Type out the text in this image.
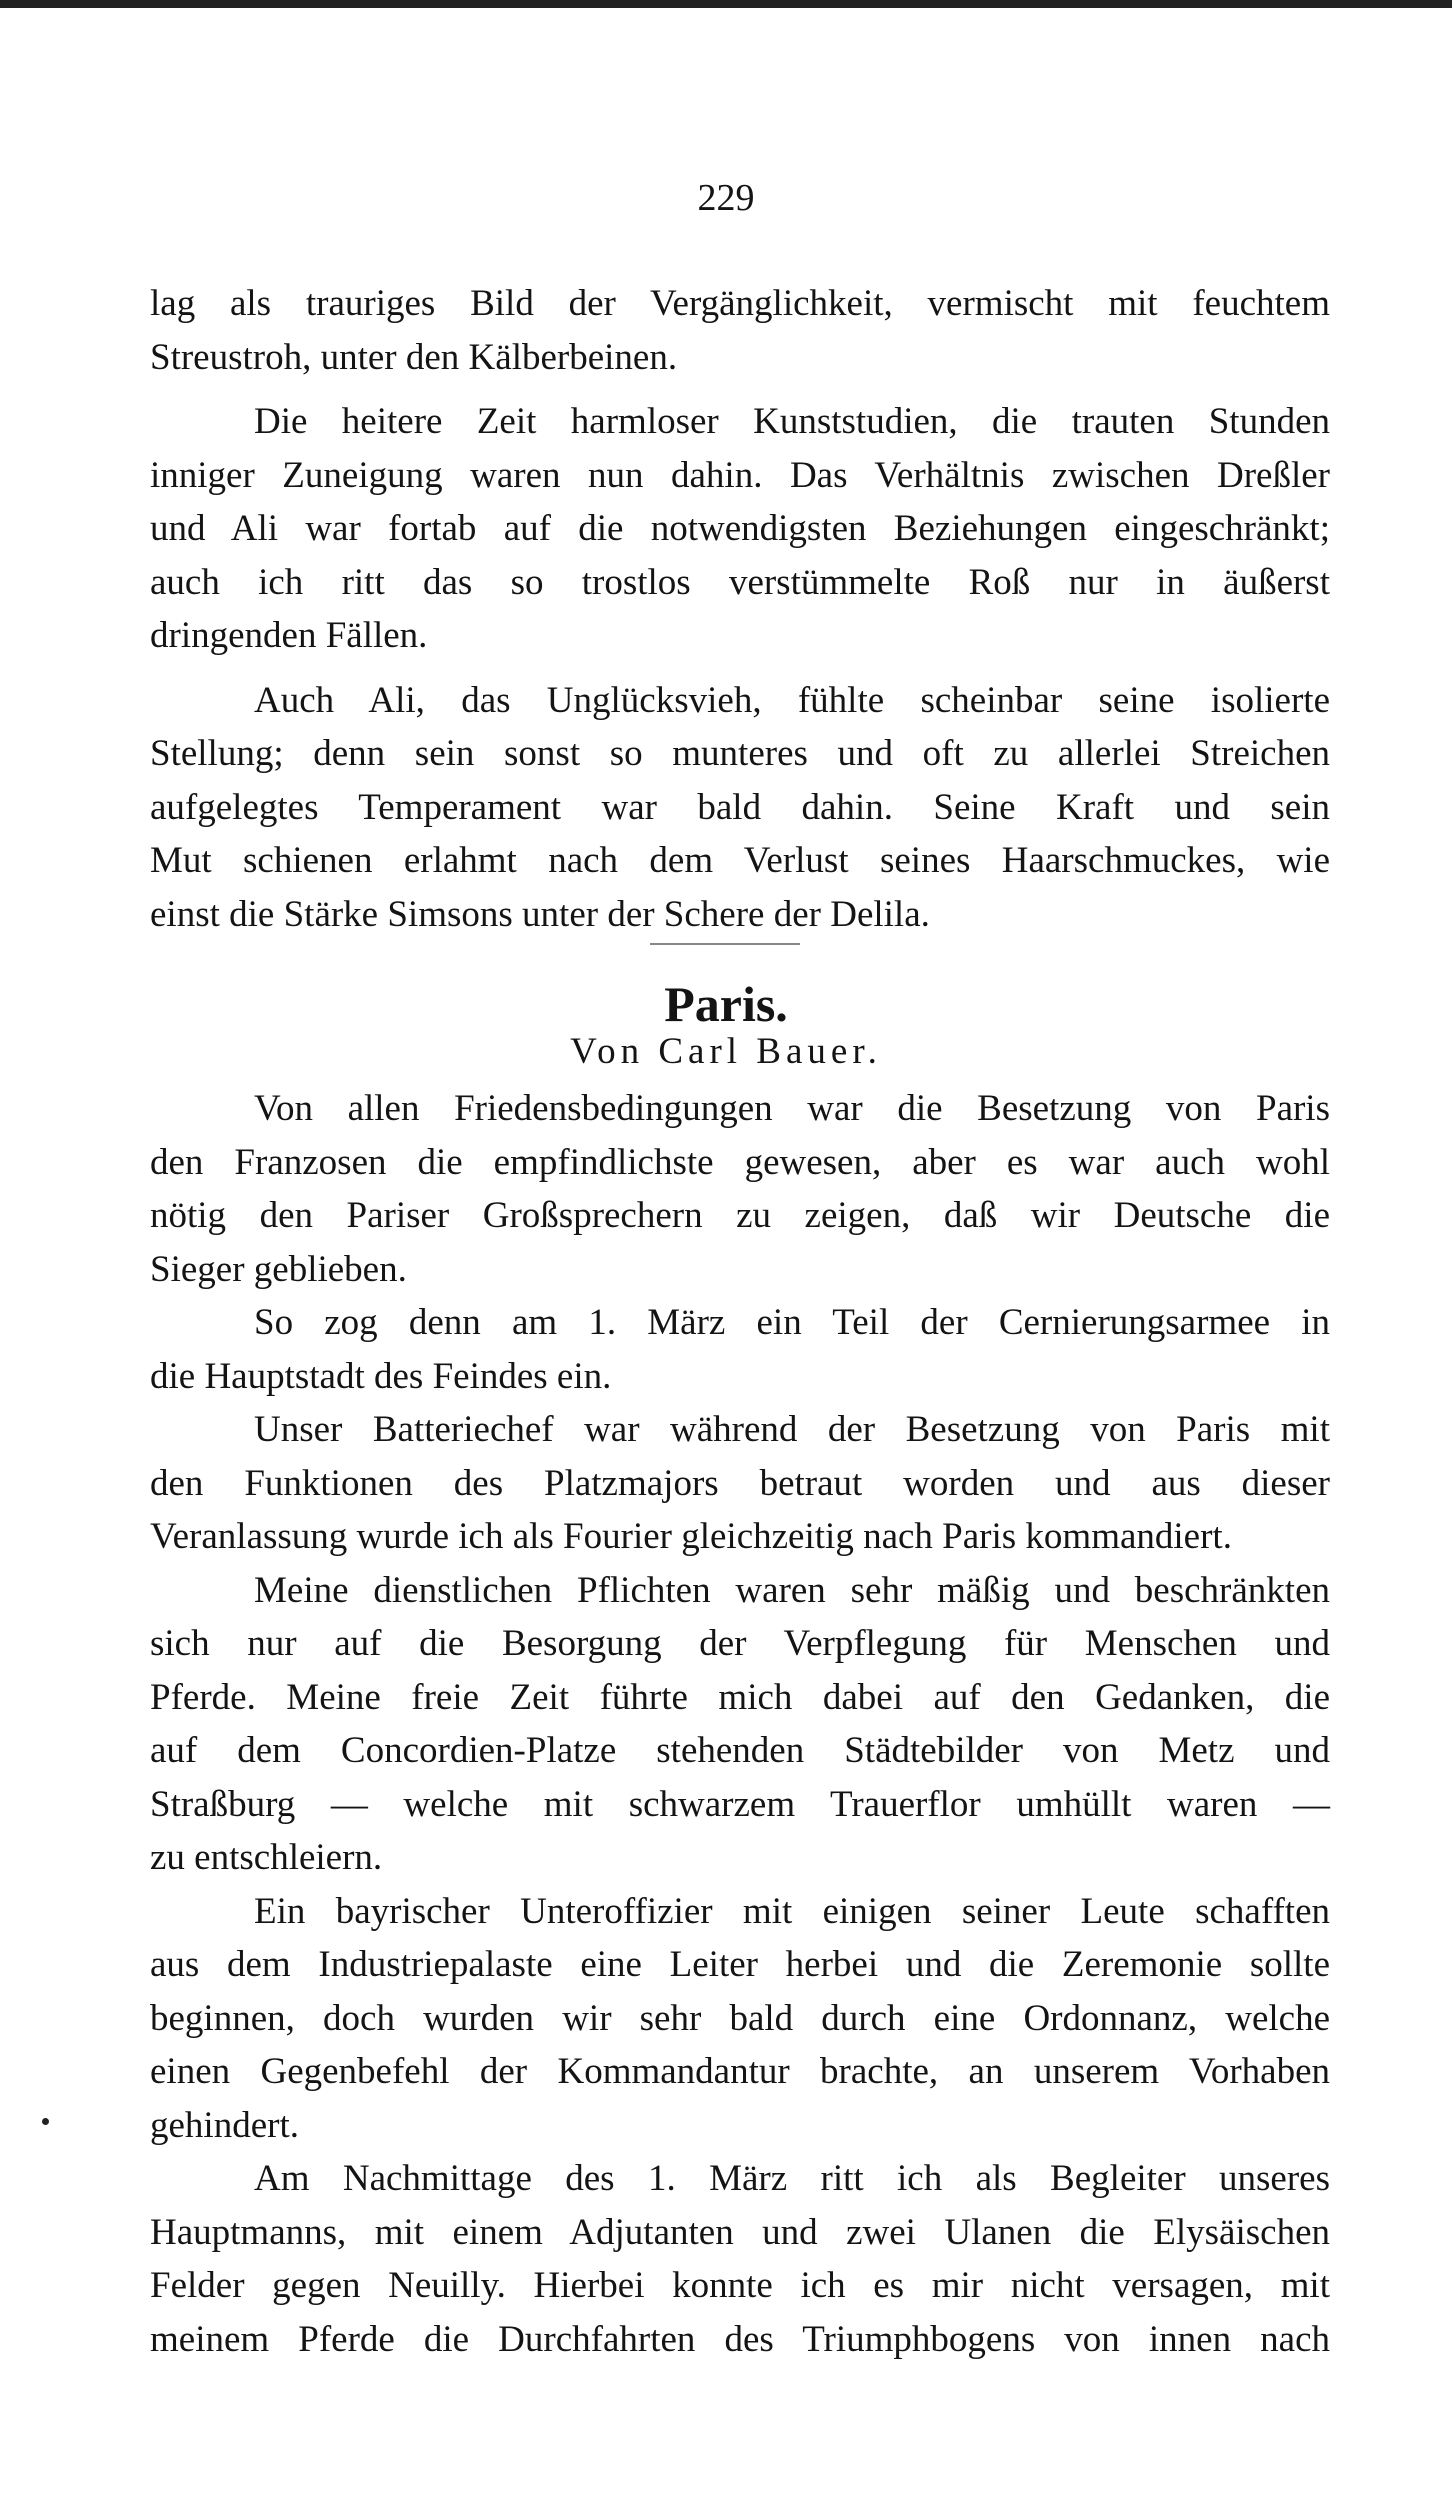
229
lag als trauriges Bild der Vergänglichkeit, vermischt mit feuchtem
Streustroh, unter den Kälberbeinen.
Die heitere Zeit harmloser Kunststudien, die trauten Stunden
inniger Zuneigung waren nun dahin. Das Verhältnis zwischen Dreßler
und Ali war fortab auf die notwendigsten Beziehungen eingeschränkt;
auch ich ritt das so trostlos verstümmelte Roß nur in äußerst
dringenden Fällen.
Auch Ali, das Unglücksvieh, fühlte scheinbar seine isolierte
Stellung; denn sein sonst so munteres und oft zu allerlei Streichen
aufgelegtes Temperament war bald dahin. Seine Kraft und sein
Mut schienen erlahmt nach dem Verlust seines Haarschmuckes, wie
einst die Stärke Simsons unter der Schere der Delila.
Paris.
Von Carl Bauer.
Von allen Friedensbedingungen war die Besetzung von Paris
den Franzosen die empfindlichste gewesen, aber es war auch wohl
nötig den Pariser Großsprechern zu zeigen, daß wir Deutsche die
Sieger geblieben.
So zog denn am 1. März ein Teil der Cernierungsarmee in
die Hauptstadt des Feindes ein.
Unser Batteriechef war während der Besetzung von Paris mit
den Funktionen des Platzmajors betraut worden und aus dieser
Veranlassung wurde ich als Fourier gleichzeitig nach Paris kommandiert.
Meine dienstlichen Pflichten waren sehr mäßig und beschränkten
sich nur auf die Besorgung der Verpflegung für Menschen und
Pferde. Meine freie Zeit führte mich dabei auf den Gedanken, die
auf dem Concordien-Platze stehenden Städtebilder von Metz und
Straßburg — welche mit schwarzem Trauerflor umhüllt waren —
zu entschleiern.
Ein bayrischer Unteroffizier mit einigen seiner Leute schafften
aus dem Industriepalaste eine Leiter herbei und die Zeremonie sollte
beginnen, doch wurden wir sehr bald durch eine Ordonnanz, welche
einen Gegenbefehl der Kommandantur brachte, an unserem Vorhaben
gehindert.
Am Nachmittage des 1. März ritt ich als Begleiter unseres
Hauptmanns, mit einem Adjutanten und zwei Ulanen die Elysäischen
Felder gegen Neuilly. Hierbei konnte ich es mir nicht versagen, mit
meinem Pferde die Durchfahrten des Triumphbogens von innen nach
